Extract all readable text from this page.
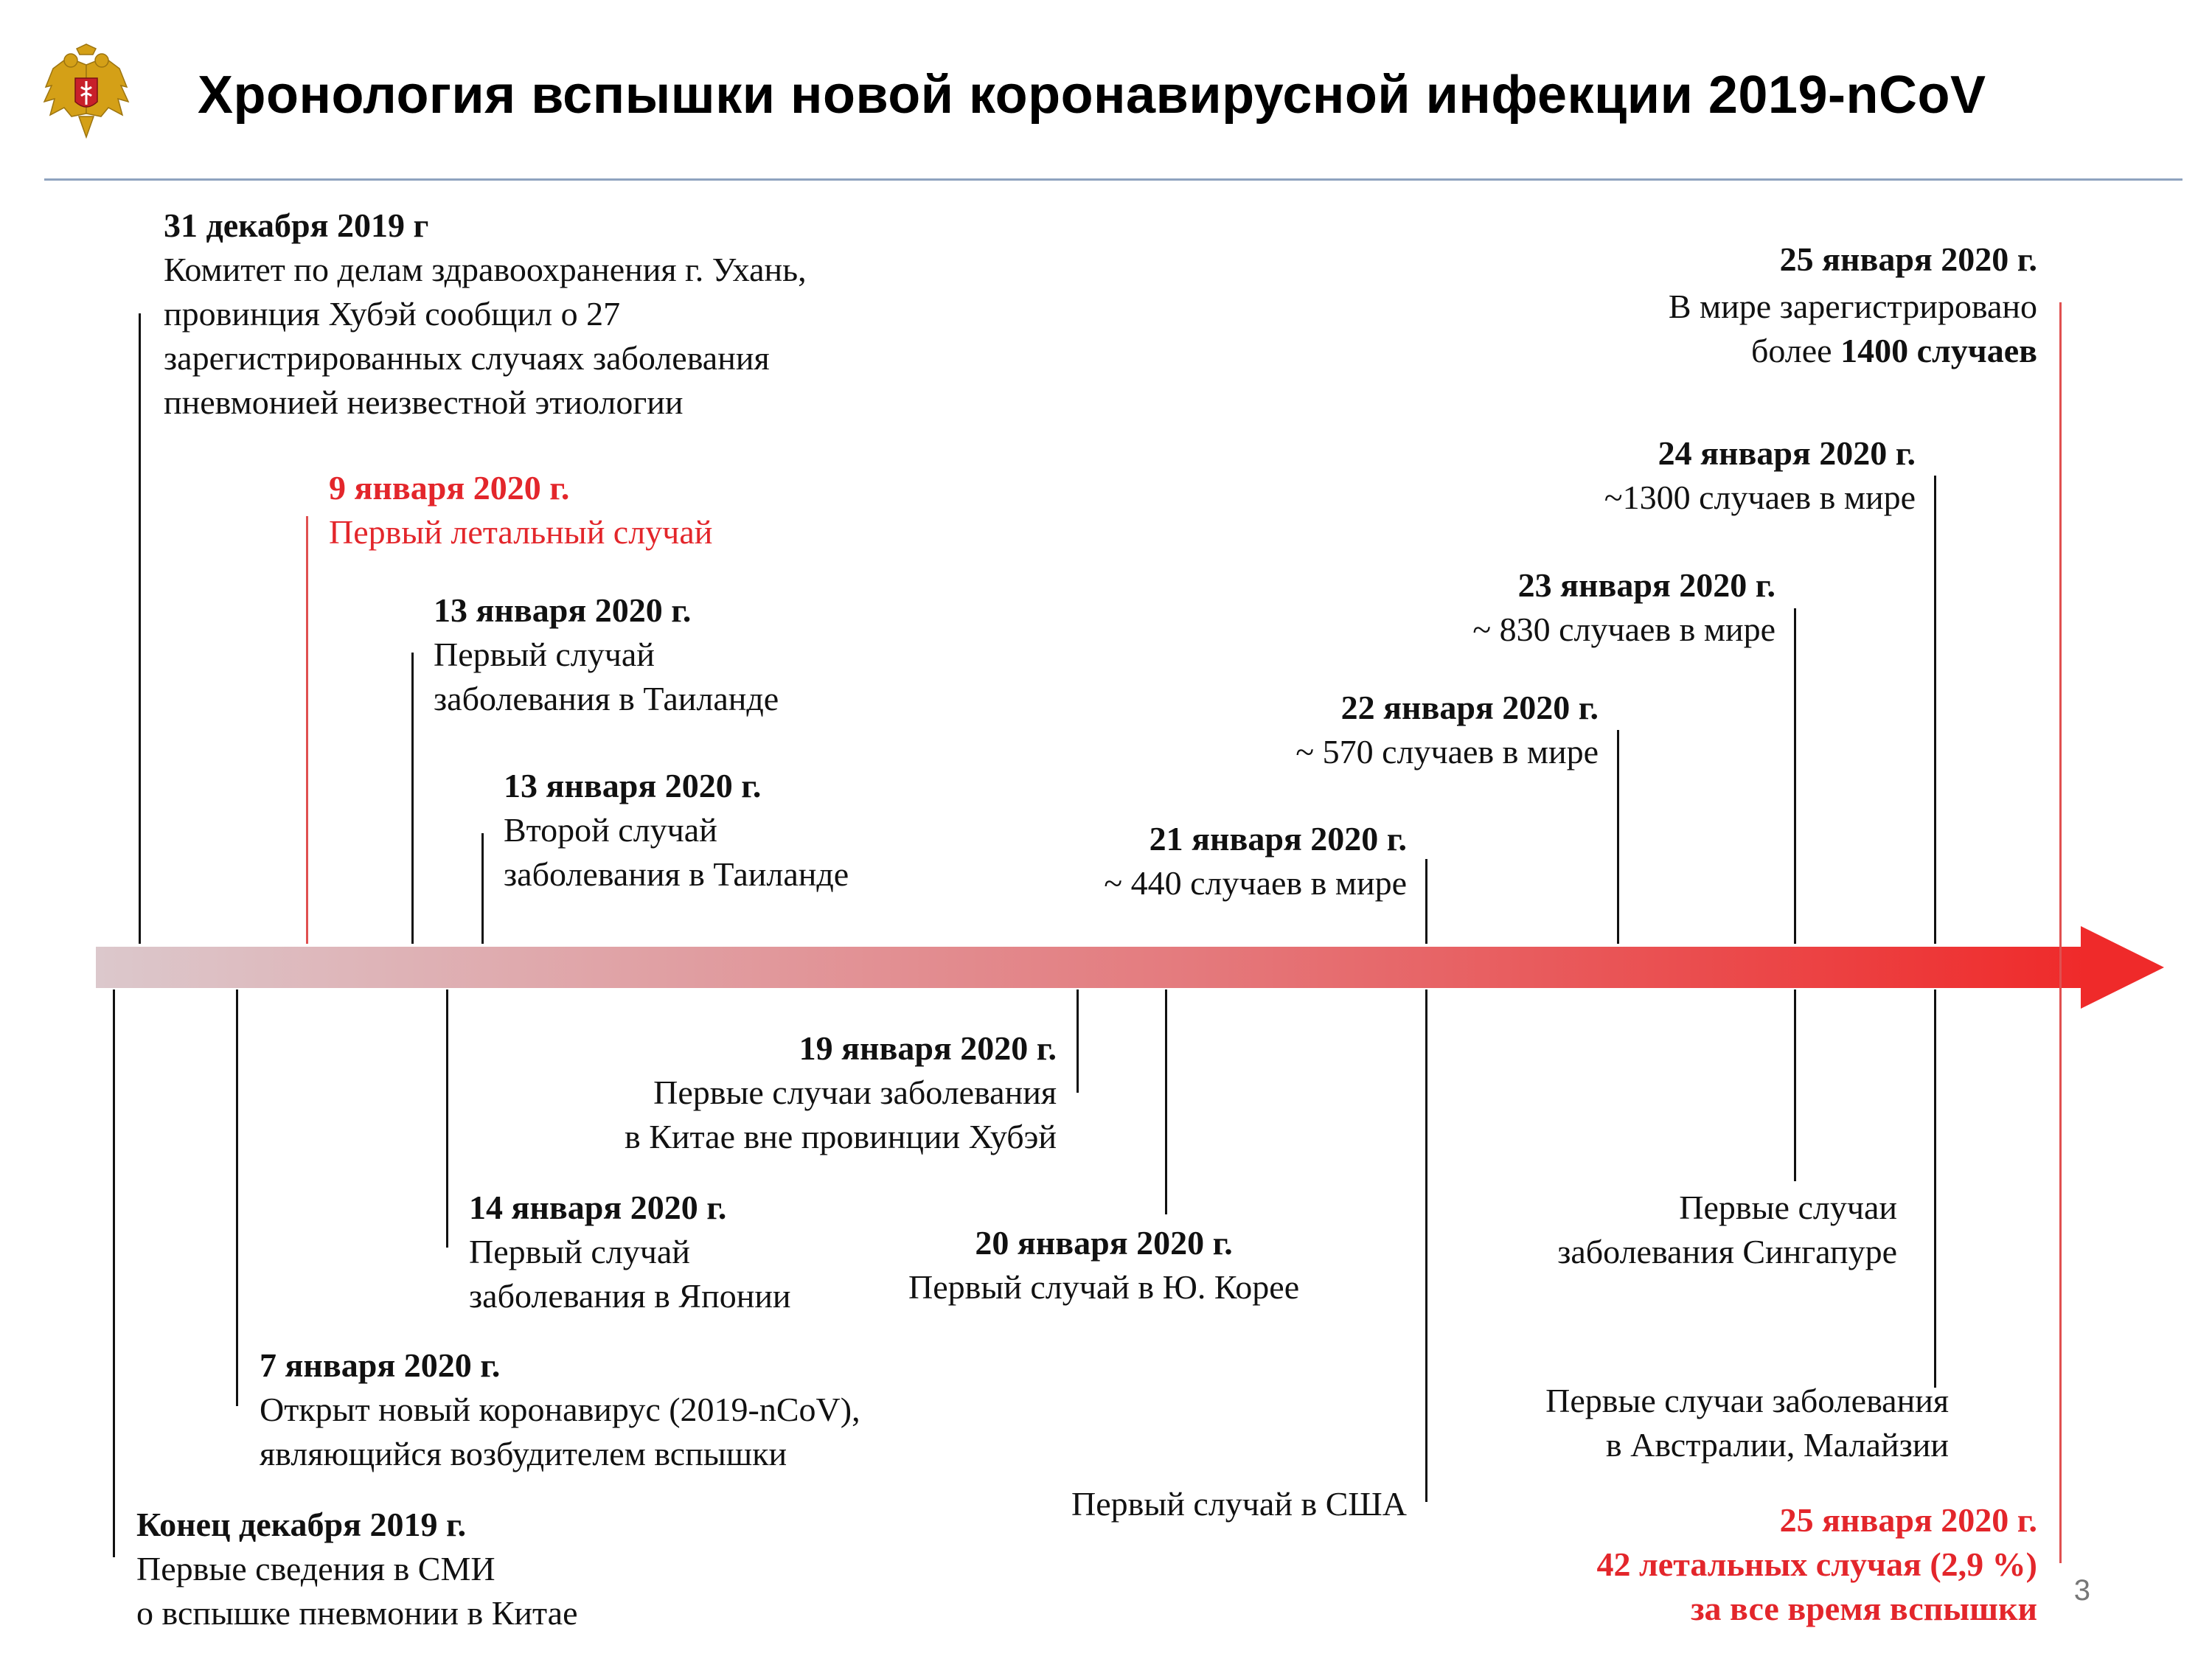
Хронология вспышки новой коронавирусной инфекции 2019-nCoV
31 декабря 2019 г
Комитет по делам здравоохранения г. Ухань,
провинция Хубэй сообщил о 27
зарегистрированных случаях заболевания
пневмонией неизвестной этиологии
9 января 2020 г.
Первый летальный случай
13 января 2020 г.
Первый случай
заболевания в Таиланде
13 января 2020 г.
Второй случай
заболевания в Таиланде
21 января 2020 г.
~ 440 случаев в мире
22 января 2020 г.
~ 570 случаев в мире
23 января 2020 г.
~ 830 случаев в мире
24 января 2020 г.
~1300 случаев в мире
25 января 2020 г.
В мире зарегистрировано
более 1400 случаев
19 января 2020 г.
Первые случаи заболевания
в Китае вне провинции Хубэй
14 января 2020 г.
Первый случай
заболевания в Японии
20 января 2020 г.
Первый случай в Ю. Корее
7 января 2020 г.
Открыт новый коронавирус (2019-nCoV),
являющийся возбудителем вспышки
Конец декабря 2019 г.
Первые сведения в СМИ
о вспышке пневмонии в Китае
Первый случай в США
Первые случаи
заболевания Сингапуре
Первые случаи заболевания
в Австралии, Малайзии
25 января 2020 г.
42 летальных случая (2,9 %)
за все время вспышки 3
